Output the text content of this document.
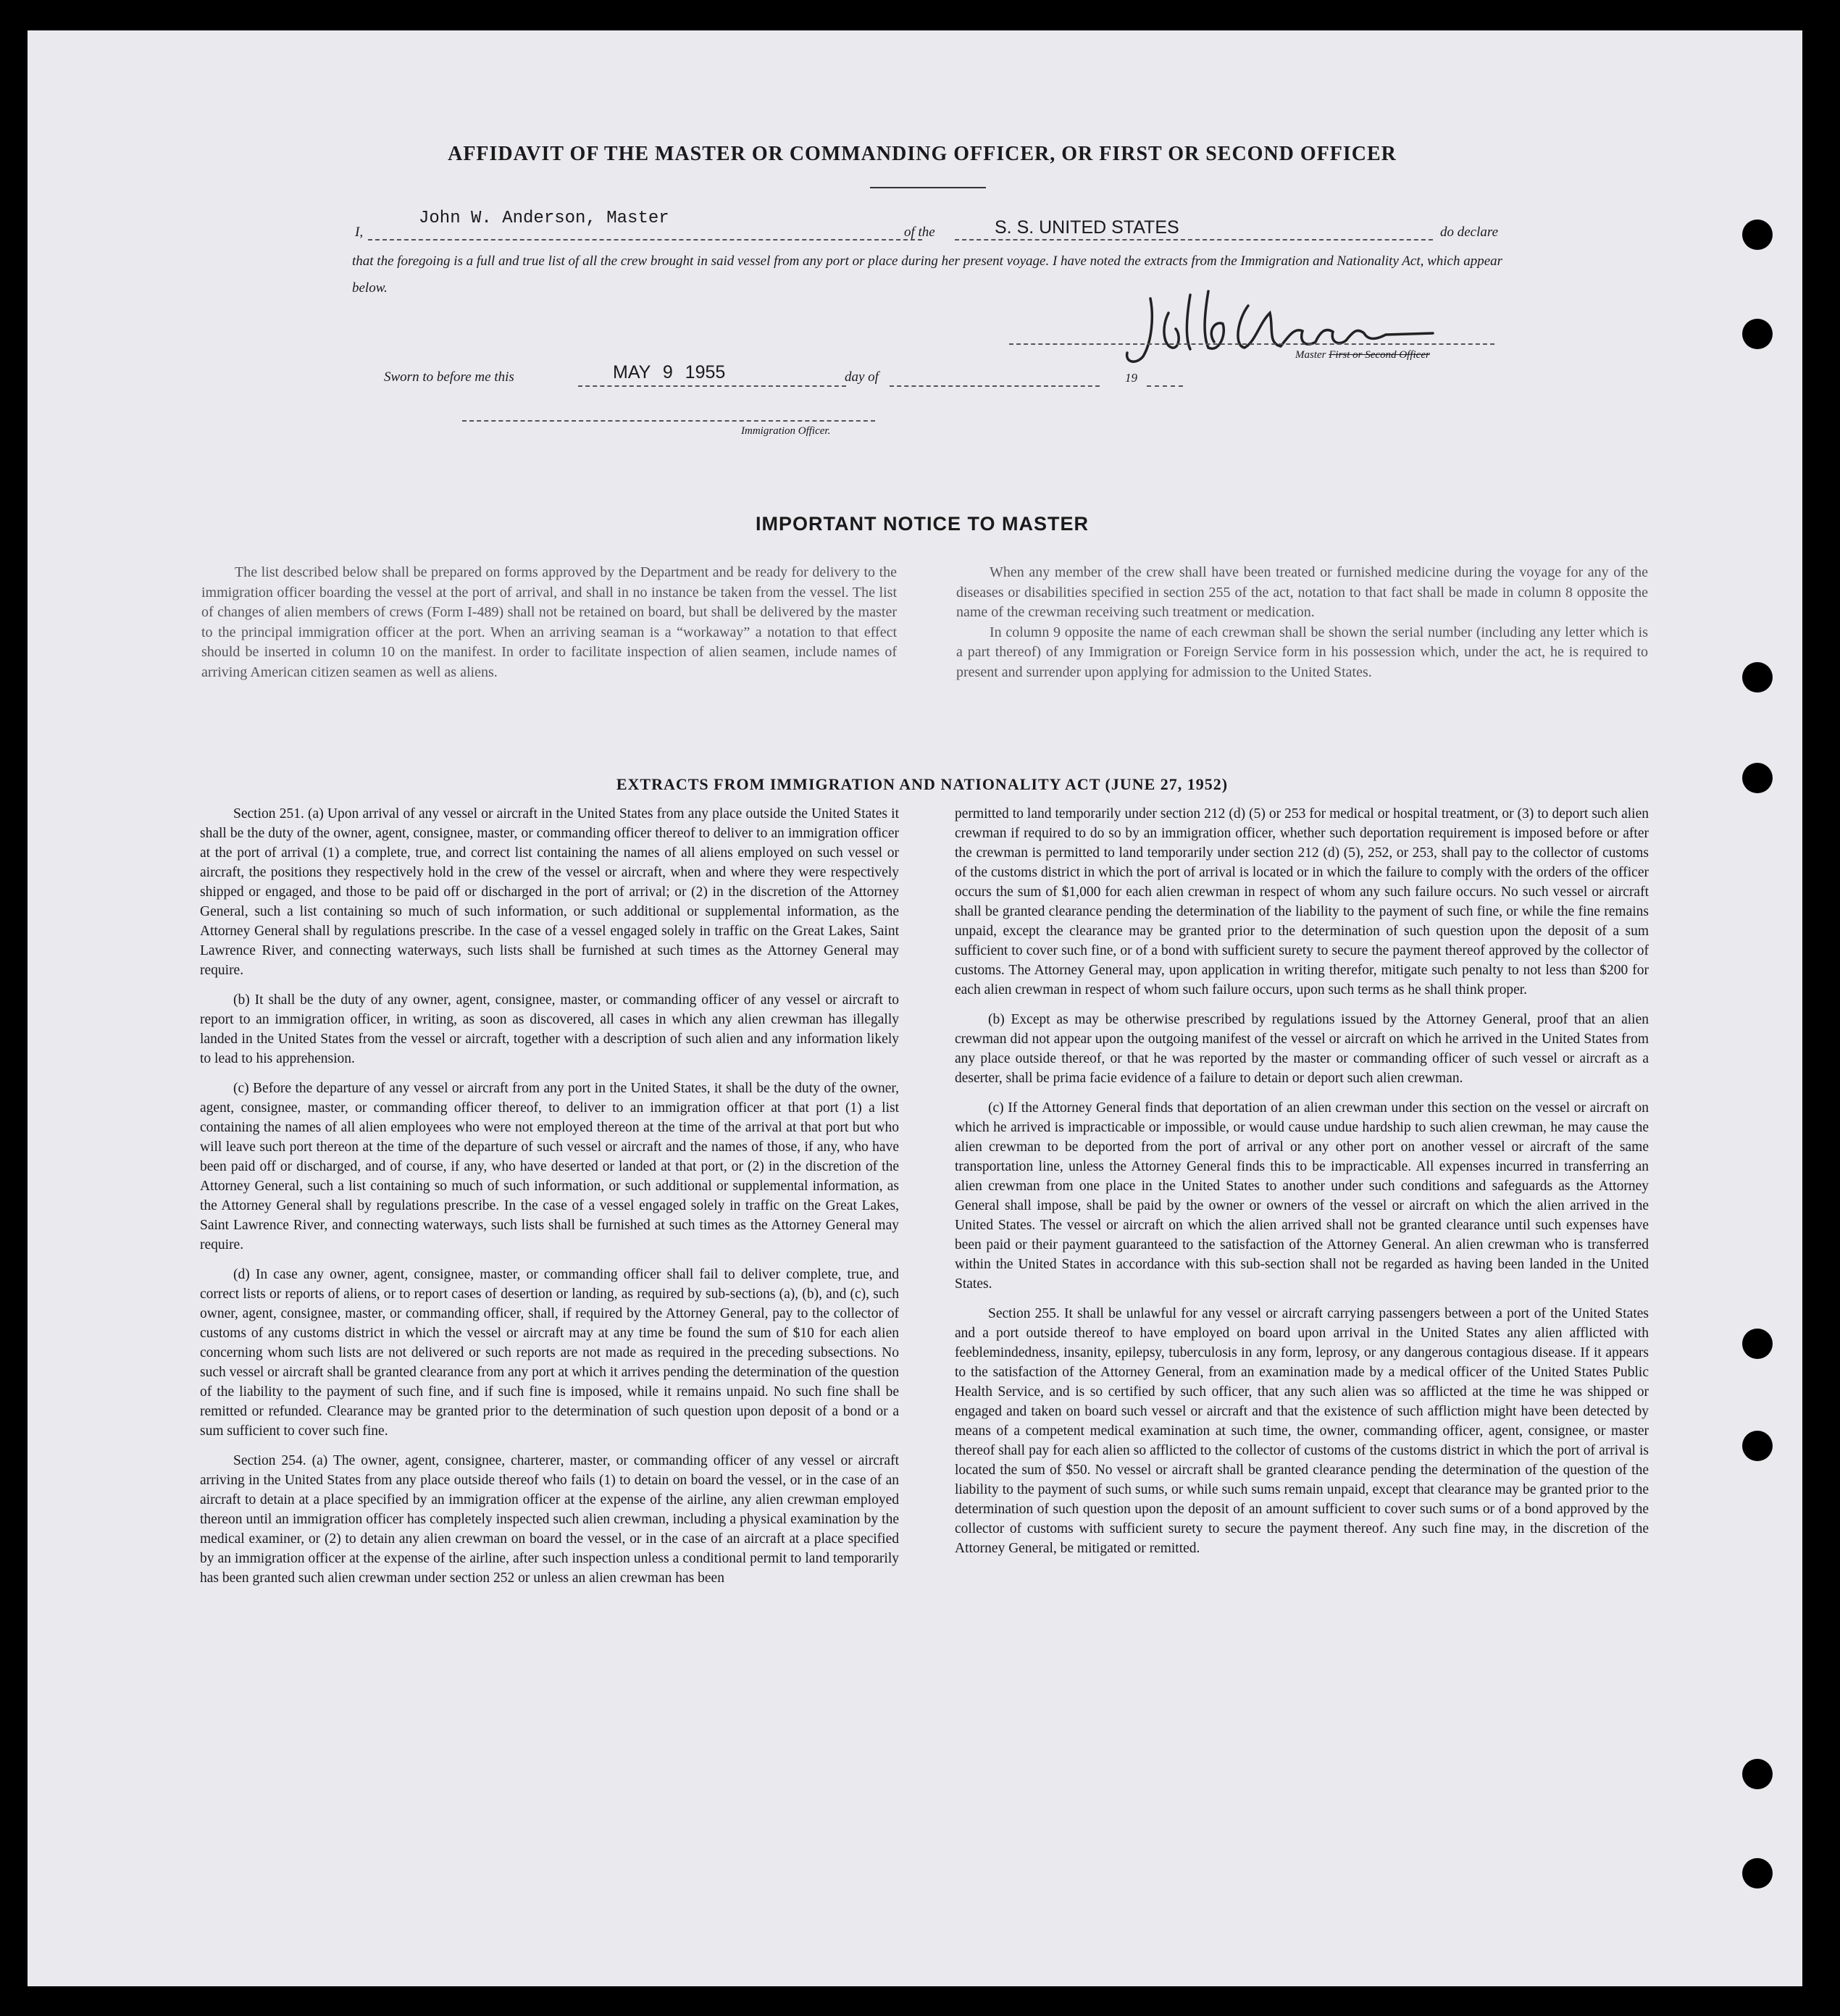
AFFIDAVIT OF THE MASTER OR COMMANDING OFFICER, OR FIRST OR SECOND OFFICER
I,
John W. Anderson, Master
of the	S. S. UNITED STATES	do declare
that the foregoing is a full and true list of all the crew brought in said vessel from any port or place during her present voyage. I have noted the extracts from the Immigration and Nationality Act, which appear below.
Master First or Second Officer
Sworn to before me this	MAY 9 1955	day of	19
Immigration Officer.
IMPORTANT NOTICE TO MASTER

The list described below shall be prepared on forms approved by the Department and be ready for delivery to the immigration officer boarding the vessel at the port of arrival, and shall in no instance be taken from the vessel. The list of changes of alien members of crews (Form I-489) shall not be retained on board, but shall be delivered by the master to the principal immigration officer at the port. When an arriving seaman is a “workaway” a notation to that effect should be inserted in column 10 on the manifest. In order to facilitate inspection of alien seamen, include names of arriving American citizen seamen as well as aliens.

When any member of the crew shall have been treated or furnished medicine during the voyage for any of the diseases or disabilities specified in section 255 of the act, notation to that fact shall be made in column 8 opposite the name of the crewman receiving such treatment or medication.

In column 9 opposite the name of each crewman shall be shown the serial number (including any letter which is a part thereof) of any Immigration or Foreign Service form in his possession which, under the act, he is required to present and surrender upon applying for admission to the United States.

EXTRACTS FROM IMMIGRATION AND NATIONALITY ACT (JUNE 27, 1952)

Section 251. (a) Upon arrival of any vessel or aircraft in the United States from any place outside the United States it shall be the duty of the owner, agent, consignee, master, or commanding officer thereof to deliver to an immigration officer at the port of arrival (1) a complete, true, and correct list containing the names of all aliens employed on such vessel or aircraft, the positions they respectively hold in the crew of the vessel or aircraft, when and where they were respectively shipped or engaged, and those to be paid off or discharged in the port of arrival; or (2) in the discretion of the Attorney General, such a list containing so much of such information, or such additional or supplemental information, as the Attorney General shall by regulations prescribe. In the case of a vessel engaged solely in traffic on the Great Lakes, Saint Lawrence River, and connecting waterways, such lists shall be furnished at such times as the Attorney General may require.

(b) It shall be the duty of any owner, agent, consignee, master, or commanding officer of any vessel or aircraft to report to an immigration officer, in writing, as soon as discovered, all cases in which any alien crewman has illegally landed in the United States from the vessel or aircraft, together with a description of such alien and any information likely to lead to his apprehension.

(c) Before the departure of any vessel or aircraft from any port in the United States, it shall be the duty of the owner, agent, consignee, master, or commanding officer thereof, to deliver to an immigration officer at that port (1) a list containing the names of all alien employees who were not employed thereon at the time of the arrival at that port but who will leave such port thereon at the time of the departure of such vessel or aircraft and the names of those, if any, who have been paid off or discharged, and of course, if any, who have deserted or landed at that port, or (2) in the discretion of the Attorney General, such a list containing so much of such information, or such additional or supplemental information, as the Attorney General shall by regulations prescribe. In the case of a vessel engaged solely in traffic on the Great Lakes, Saint Lawrence River, and connecting waterways, such lists shall be furnished at such times as the Attorney General may require.

(d) In case any owner, agent, consignee, master, or commanding officer shall fail to deliver complete, true, and correct lists or reports of aliens, or to report cases of desertion or landing, as required by sub-sections (a), (b), and (c), such owner, agent, consignee, master, or commanding officer, shall, if required by the Attorney General, pay to the collector of customs of any customs district in which the vessel or aircraft may at any time be found the sum of $10 for each alien concerning whom such lists are not delivered or such reports are not made as required in the preceding subsections. No such vessel or aircraft shall be granted clearance from any port at which it arrives pending the determination of the question of the liability to the payment of such fine, and if such fine is imposed, while it remains unpaid. No such fine shall be remitted or refunded. Clearance may be granted prior to the determination of such question upon deposit of a bond or a sum sufficient to cover such fine.

Section 254. (a) The owner, agent, consignee, charterer, master, or commanding officer of any vessel or aircraft arriving in the United States from any place outside thereof who fails (1) to detain on board the vessel, or in the case of an aircraft to detain at a place specified by an immigration officer at the expense of the airline, any alien crewman employed thereon until an immigration officer has completely inspected such alien crewman, including a physical examination by the medical examiner, or (2) to detain any alien crewman on board the vessel, or in the case of an aircraft at a place specified by an immigration officer at the expense of the airline, after such inspection unless a conditional permit to land temporarily has been granted such alien crewman under section 252 or unless an alien crewman has been

permitted to land temporarily under section 212 (d) (5) or 253 for medical or hospital treatment, or (3) to deport such alien crewman if required to do so by an immigration officer, whether such deportation requirement is imposed before or after the crewman is permitted to land temporarily under section 212 (d) (5), 252, or 253, shall pay to the collector of customs of the customs district in which the port of arrival is located or in which the failure to comply with the orders of the officer occurs the sum of $1,000 for each alien crewman in respect of whom any such failure occurs. No such vessel or aircraft shall be granted clearance pending the determination of the liability to the payment of such fine, or while the fine remains unpaid, except the clearance may be granted prior to the determination of such question upon the deposit of a sum sufficient to cover such fine, or of a bond with sufficient surety to secure the payment thereof approved by the collector of customs. The Attorney General may, upon application in writing therefor, mitigate such penalty to not less than $200 for each alien crewman in respect of whom such failure occurs, upon such terms as he shall think proper.

(b) Except as may be otherwise prescribed by regulations issued by the Attorney General, proof that an alien crewman did not appear upon the outgoing manifest of the vessel or aircraft on which he arrived in the United States from any place outside thereof, or that he was reported by the master or commanding officer of such vessel or aircraft as a deserter, shall be prima facie evidence of a failure to detain or deport such alien crewman.

(c) If the Attorney General finds that deportation of an alien crewman under this section on the vessel or aircraft on which he arrived is impracticable or impossible, or would cause undue hardship to such alien crewman, he may cause the alien crewman to be deported from the port of arrival or any other port on another vessel or aircraft of the same transportation line, unless the Attorney General finds this to be impracticable. All expenses incurred in transferring an alien crewman from one place in the United States to another under such conditions and safeguards as the Attorney General shall impose, shall be paid by the owner or owners of the vessel or aircraft on which the alien arrived in the United States. The vessel or aircraft on which the alien arrived shall not be granted clearance until such expenses have been paid or their payment guaranteed to the satisfaction of the Attorney General. An alien crewman who is transferred within the United States in accordance with this sub-section shall not be regarded as having been landed in the United States.

Section 255. It shall be unlawful for any vessel or aircraft carrying passengers between a port of the United States and a port outside thereof to have employed on board upon arrival in the United States any alien afflicted with feeblemindedness, insanity, epilepsy, tuberculosis in any form, leprosy, or any dangerous contagious disease. If it appears to the satisfaction of the Attorney General, from an examination made by a medical officer of the United States Public Health Service, and is so certified by such officer, that any such alien was so afflicted at the time he was shipped or engaged and taken on board such vessel or aircraft and that the existence of such affliction might have been detected by means of a competent medical examination at such time, the owner, commanding officer, agent, consignee, or master thereof shall pay for each alien so afflicted to the collector of customs of the customs district in which the port of arrival is located the sum of $50. No vessel or aircraft shall be granted clearance pending the determination of the question of the liability to the payment of such sums, or while such sums remain unpaid, except that clearance may be granted prior to the determination of such question upon the deposit of an amount sufficient to cover such sums or of a bond approved by the collector of customs with sufficient surety to secure the payment thereof. Any such fine may, in the discretion of the Attorney General, be mitigated or remitted.
